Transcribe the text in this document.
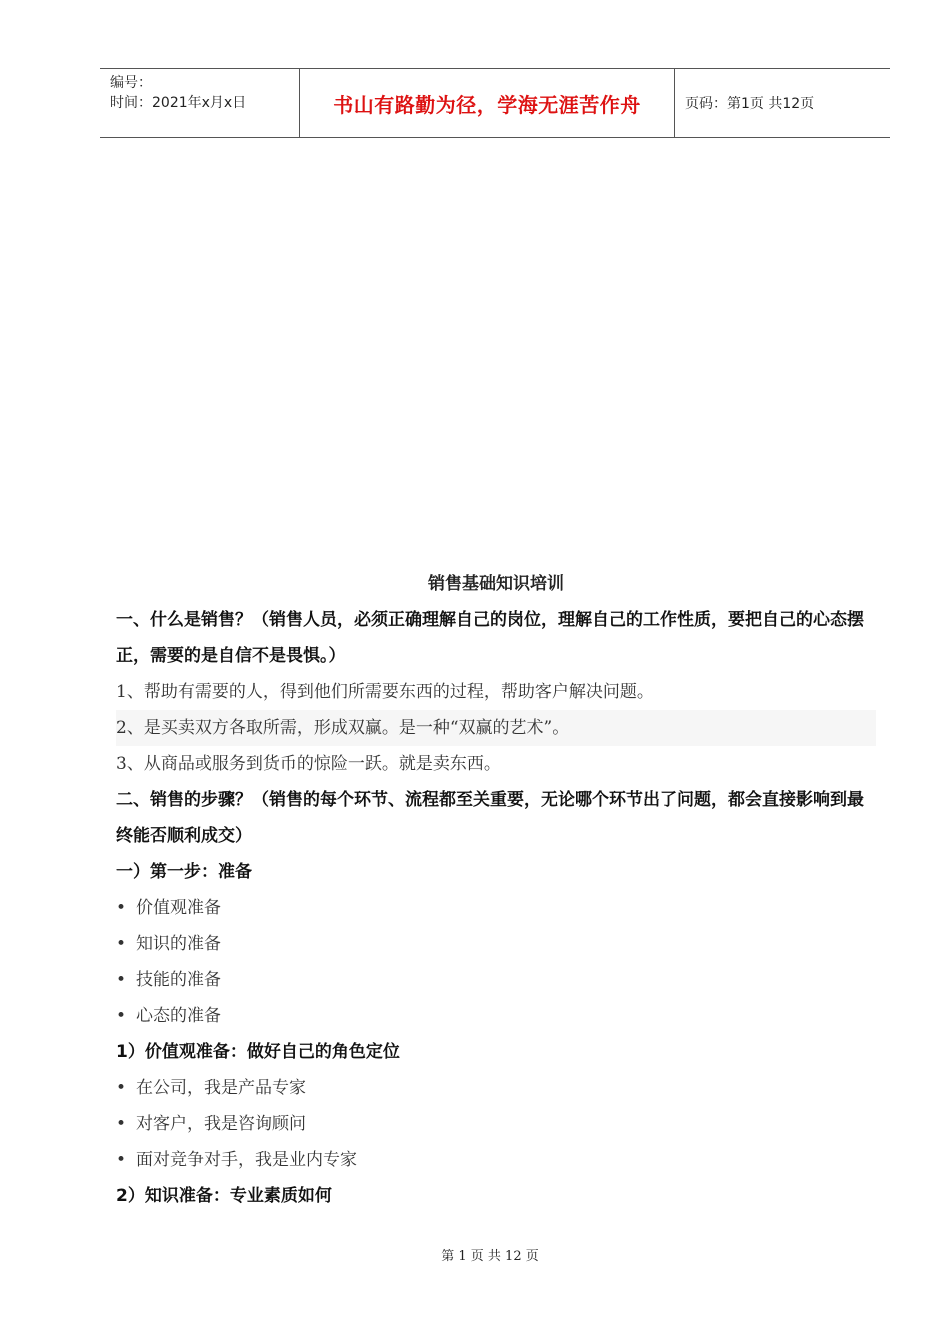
编号：
时间：2021年x月x日	书山有路勤为径，学海无涯苦作舟	页码：第1页 共12页
销售基础知识培训
一、什么是销售？（销售人员，必须正确理解自己的岗位，理解自己的工作性质，要把自己的心态摆正，需要的是自信不是畏惧。）
1、帮助有需要的人，得到他们所需要东西的过程，帮助客户解决问题。
2、是买卖双方各取所需，形成双赢。是一种“双赢的艺术”。
3、从商品或服务到货币的惊险一跃。就是卖东西。
二、销售的步骤？（销售的每个环节、流程都至关重要，无论哪个环节出了问题，都会直接影响到最终能否顺利成交）
一）第一步：准备
• 价值观准备
• 知识的准备
• 技能的准备
• 心态的准备
1）价值观准备：做好自己的角色定位
• 在公司，我是产品专家
• 对客户，我是咨询顾问
• 面对竞争对手，我是业内专家
2）知识准备：专业素质如何
第 1 页 共 12 页
